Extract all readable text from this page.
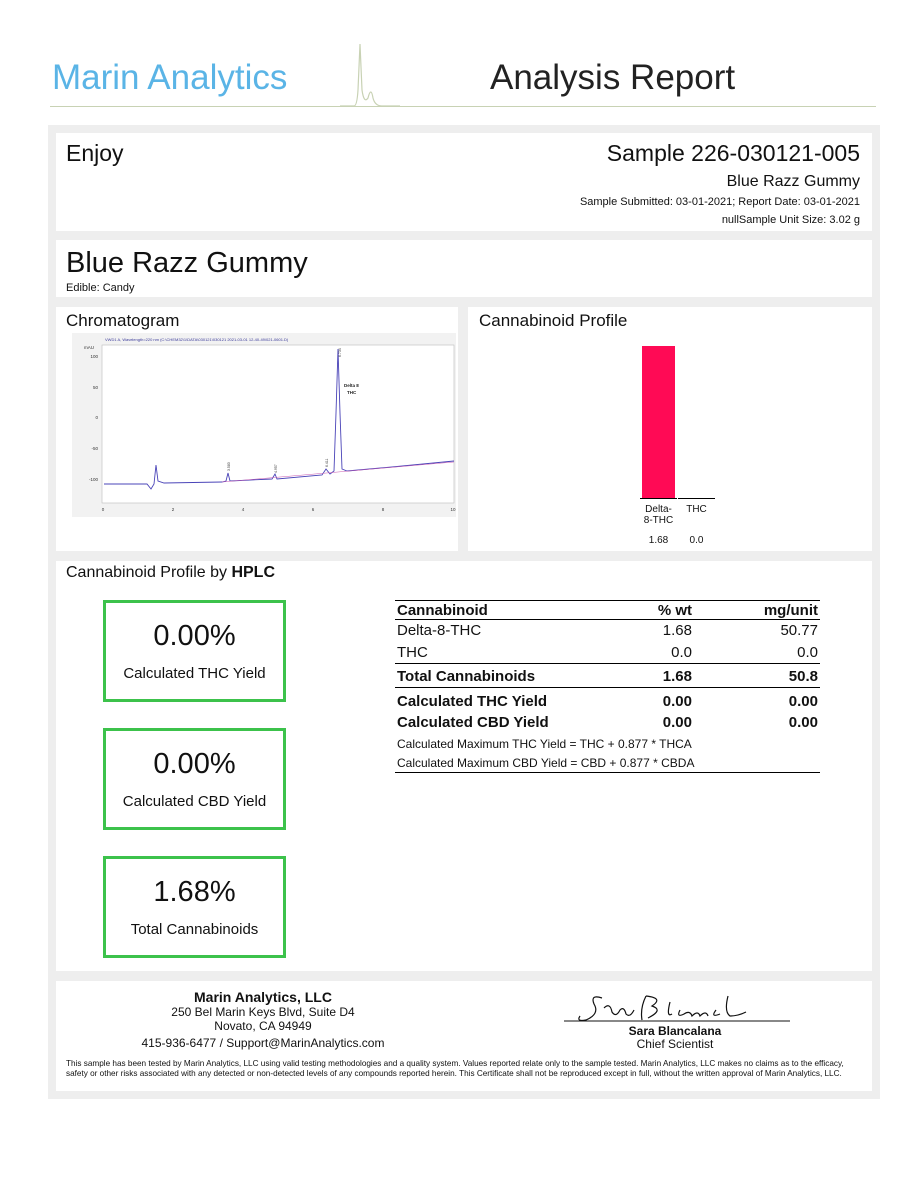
Marin Analytics	Analysis Report
Enjoy	Sample 226-030121-005
Blue Razz Gummy
Sample Submitted: 03-01-2021; Report Date: 03-01-2021
nullSample Unit Size: 3.02 g
Blue Razz Gummy
Edible: Candy
Chromatogram
VWD1 A, Wavelength=220 nm (C:\CHEM32\1\DATA\030121\030121 2021-03-01 12-40-49\021-0601.D)
mAU
100
50
0
-50
-100
0	2	4	6	8	10
Delta 8
THC
3.583	4.957
6.411
6.734
Cannabinoid Profile
Delta-
8-THC
1.68
THC
0.0
Cannabinoid Profile by HPLC
0.00%
Calculated THC Yield
0.00%
Calculated CBD Yield
1.68%
Total Cannabinoids
Cannabinoid	% wt	mg/unit
Delta-8-THC	1.68	50.77
THC	0.0	0.0
Total Cannabinoids	1.68	50.8
Calculated THC Yield	0.00	0.00
Calculated CBD Yield	0.00	0.00
Calculated Maximum THC Yield = THC + 0.877 * THCA
Calculated Maximum CBD Yield = CBD + 0.877 * CBDA
Marin Analytics, LLC
250 Bel Marin Keys Blvd, Suite D4
Novato, CA 94949
415-936-6477 / Support@MarinAnalytics.com
Sara Blancalana
Chief Scientist
This sample has been tested by Marin Analytics, LLC using valid testing methodologies and a quality system. Values reported relate only to the sample tested. Marin Analytics, LLC makes no claims as to the efficacy, safety or other risks associated with any detected or non-detected levels of any compounds reported herein. This Certificate shall not be reproduced except in full, without the written approval of Marin Analytics, LLC.
